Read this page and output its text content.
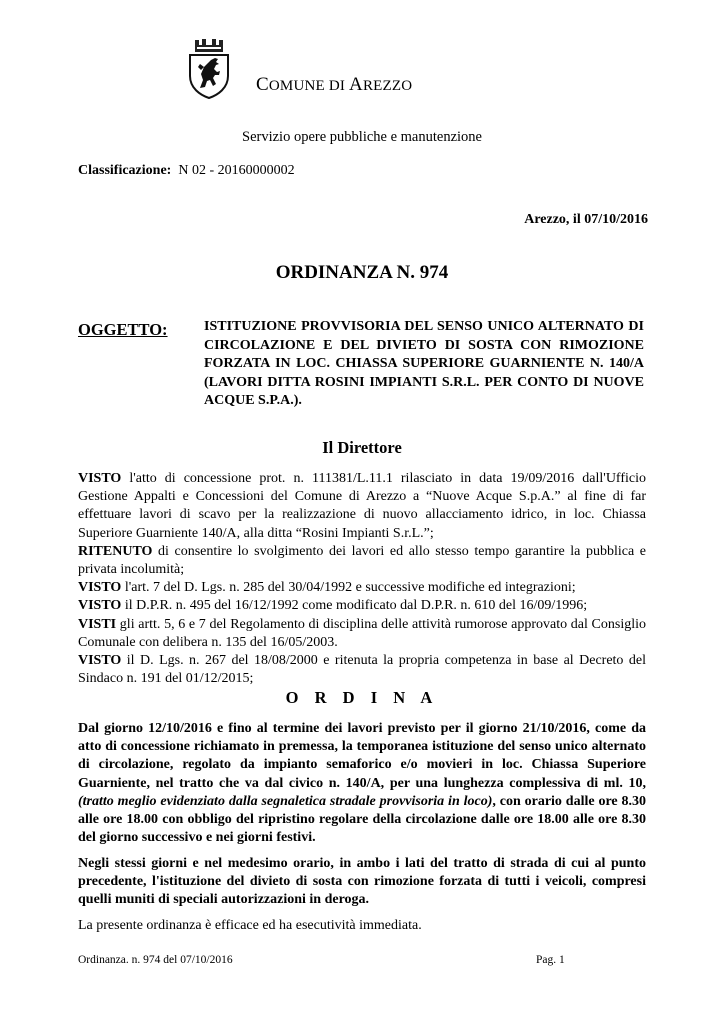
COMUNE DI AREZZO
Servizio opere pubbliche e manutenzione
Classificazione: N 02 - 20160000002
Arezzo, il 07/10/2016
ORDINANZA N. 974
OGGETTO:	ISTITUZIONE PROVVISORIA DEL SENSO UNICO ALTERNATO DI CIRCOLAZIONE E DEL DIVIETO DI SOSTA CON RIMOZIONE FORZATA IN LOC. CHIASSA SUPERIORE GUARNIENTE N. 140/A (LAVORI DITTA ROSINI IMPIANTI S.R.L. PER CONTO DI NUOVE ACQUE S.P.A.).
Il Direttore

VISTO l'atto di concessione prot. n. 111381/L.11.1 rilasciato in data 19/09/2016 dall'Ufficio Gestione Appalti e Concessioni del Comune di Arezzo a “Nuove Acque S.p.A.” al fine di far effettuare lavori di scavo per la realizzazione di nuovo allacciamento idrico, in loc. Chiassa Superiore Guarniente 140/A, alla ditta “Rosini Impianti S.r.L.”;

RITENUTO di consentire lo svolgimento dei lavori ed allo stesso tempo garantire la pubblica e privata incolumità;

VISTO l'art. 7 del D. Lgs. n. 285 del 30/04/1992 e successive modifiche ed integrazioni;

VISTO il D.P.R. n. 495 del 16/12/1992 come modificato dal D.P.R. n. 610 del 16/09/1996;

VISTI gli artt. 5, 6 e 7 del Regolamento di disciplina delle attività rumorose approvato dal Consiglio Comunale con delibera n. 135 del 16/05/2003.

VISTO il D. Lgs. n. 267 del 18/08/2000 e ritenuta la propria competenza in base al Decreto del Sindaco n. 191 del 01/12/2015;

O R D I N A
Dal giorno 12/10/2016 e fino al termine dei lavori previsto per il giorno 21/10/2016, come da atto di concessione richiamato in premessa, la temporanea istituzione del senso unico alternato di circolazione, regolato da impianto semaforico e/o movieri in loc. Chiassa Superiore Guarniente, nel tratto che va dal civico n. 140/A, per una lunghezza complessiva di ml. 10, (tratto meglio evidenziato dalla segnaletica stradale provvisoria in loco), con orario dalle ore 8.30 alle ore 18.00 con obbligo del ripristino regolare della circolazione dalle ore 18.00 alle ore 8.30 del giorno successivo e nei giorni festivi.
Negli stessi giorni e nel medesimo orario, in ambo i lati del tratto di strada di cui al punto precedente, l'istituzione del divieto di sosta con rimozione forzata di tutti i veicoli, compresi quelli muniti di speciali autorizzazioni in deroga.
La presente ordinanza è efficace ed ha esecutività immediata.
Ordinanza. n. 974 del 07/10/2016	Pag. 1
